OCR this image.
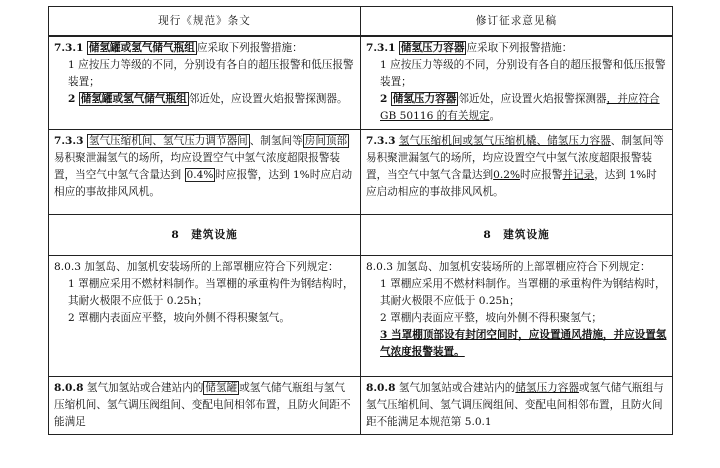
现行《规范》条文	修订征求意见稿
7.3.1 储氢罐或氢气储气瓶组 应采取下列报警措施：
1 应按压力等级的不同，分别设有各自的超压报警和低压报警装置；
2 储氢罐或氢气储气瓶组 邻近处，应设置火焰报警探测器。	7.3.1 储氢压力容器 应采取下列报警措施：
1 应按压力等级的不同，分别设有各自的超压报警和低压报警装置；
2 储氢压力容器 邻近处，应设置火焰报警探测器，并应符合 GB 50116 的有关规定。

7.3.3 氢气压缩机间、氢气压力调节器间 、制氢间等 房间顶部易积聚泄漏氢气的场所，均应设置空气中氢气浓度超限报警装置，当空气中氢气含量达到 0.4% 时应报警，达到 1%时应启动相应的事故排风风机。	7.3.3 氢气压缩机间或氢气压缩机橇、储氢压力容器、制氢间等易积聚泄漏氢气的场所，均应设置空气中氢气浓度超限报警装置，当空气中氢气含量达到0.2%时应报警并记录，达到 1%时应启动相应的事故排风风机。
8　建筑设施	8　建筑设施
8.0.3 加氢岛、加氢机安装场所的上部罩棚应符合下列规定：
1 罩棚应采用不燃材料制作。当罩棚的承重构件为钢结构时，其耐火极限不应低于 0.25h；
2 罩棚内表面应平整，坡向外侧不得积聚氢气。	8.0.3 加氢岛、加氢机安装场所的上部罩棚应符合下列规定：
1 罩棚应采用不燃材料制作。当罩棚的承重构件为钢结构时，其耐火极限不应低于 0.25h；
2 罩棚内表面应平整，坡向外侧不得积聚氢气；
3 当罩棚顶部设有封闭空间时，应设置通风措施，并应设置氢气浓度报警装置。

8.0.8 氢气加氢站或合建站内的 储氢罐 或氢气储气瓶组与氢气压缩机间、氢气调压阀组间、变配电间相邻布置，且防火间距不能满足	8.0.8 氢气加氢站或合建站内的储氢压力容器或氢气储气瓶组与氢气压缩机间、氢气调压阀组间、变配电间相邻布置，且防火间距不能满足本规范第 5.0.1
